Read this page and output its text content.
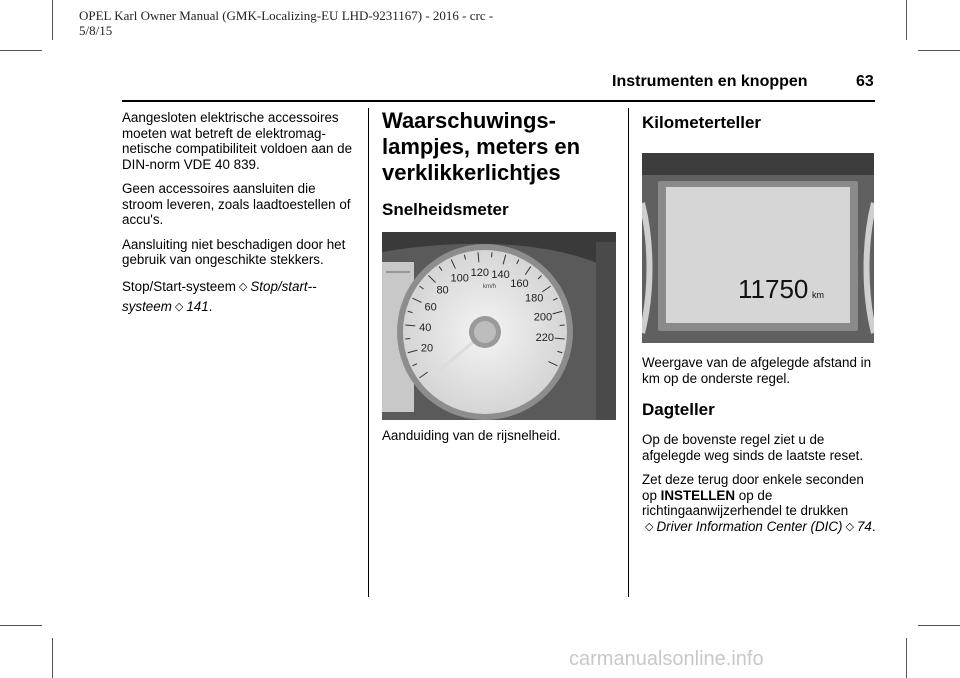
OPEL Karl Owner Manual (GMK-Localizing-EU LHD-9231167) - 2016 - crc -
5/8/15
Instrumenten en knoppen	63

Aangesloten elektrische accessoires moeten wat betreft de elektromag-netische compatibiliteit voldoen aan de DIN-norm VDE 40 839.

Geen accessoires aansluiten die stroom leveren, zoals laadtoestellen of accu's.

Aansluiting niet beschadigen door het gebruik van ongeschikte stekkers.

Stop/Start-systeem ◇ Stop/start--
systeem ◇ 141.

Waarschuwings-lampjes, meters en verklikkerlichtjes
Snelheidsmeter
20
40
60
80
100 120 140
160
180
200
220
km/h

Aanduiding van de rijsnelheid.

Kilometerteller
11750 km

Weergave van de afgelegde afstand in km op de onderste regel.

Dagteller

Op de bovenste regel ziet u de afgelegde weg sinds de laatste reset.

Zet deze terug door enkele seconden op INSTELLEN op de richtingaanwijzerhendel te drukken
◇ Driver Information Center (DIC) ◇ 74.

carmanualsonline.info
